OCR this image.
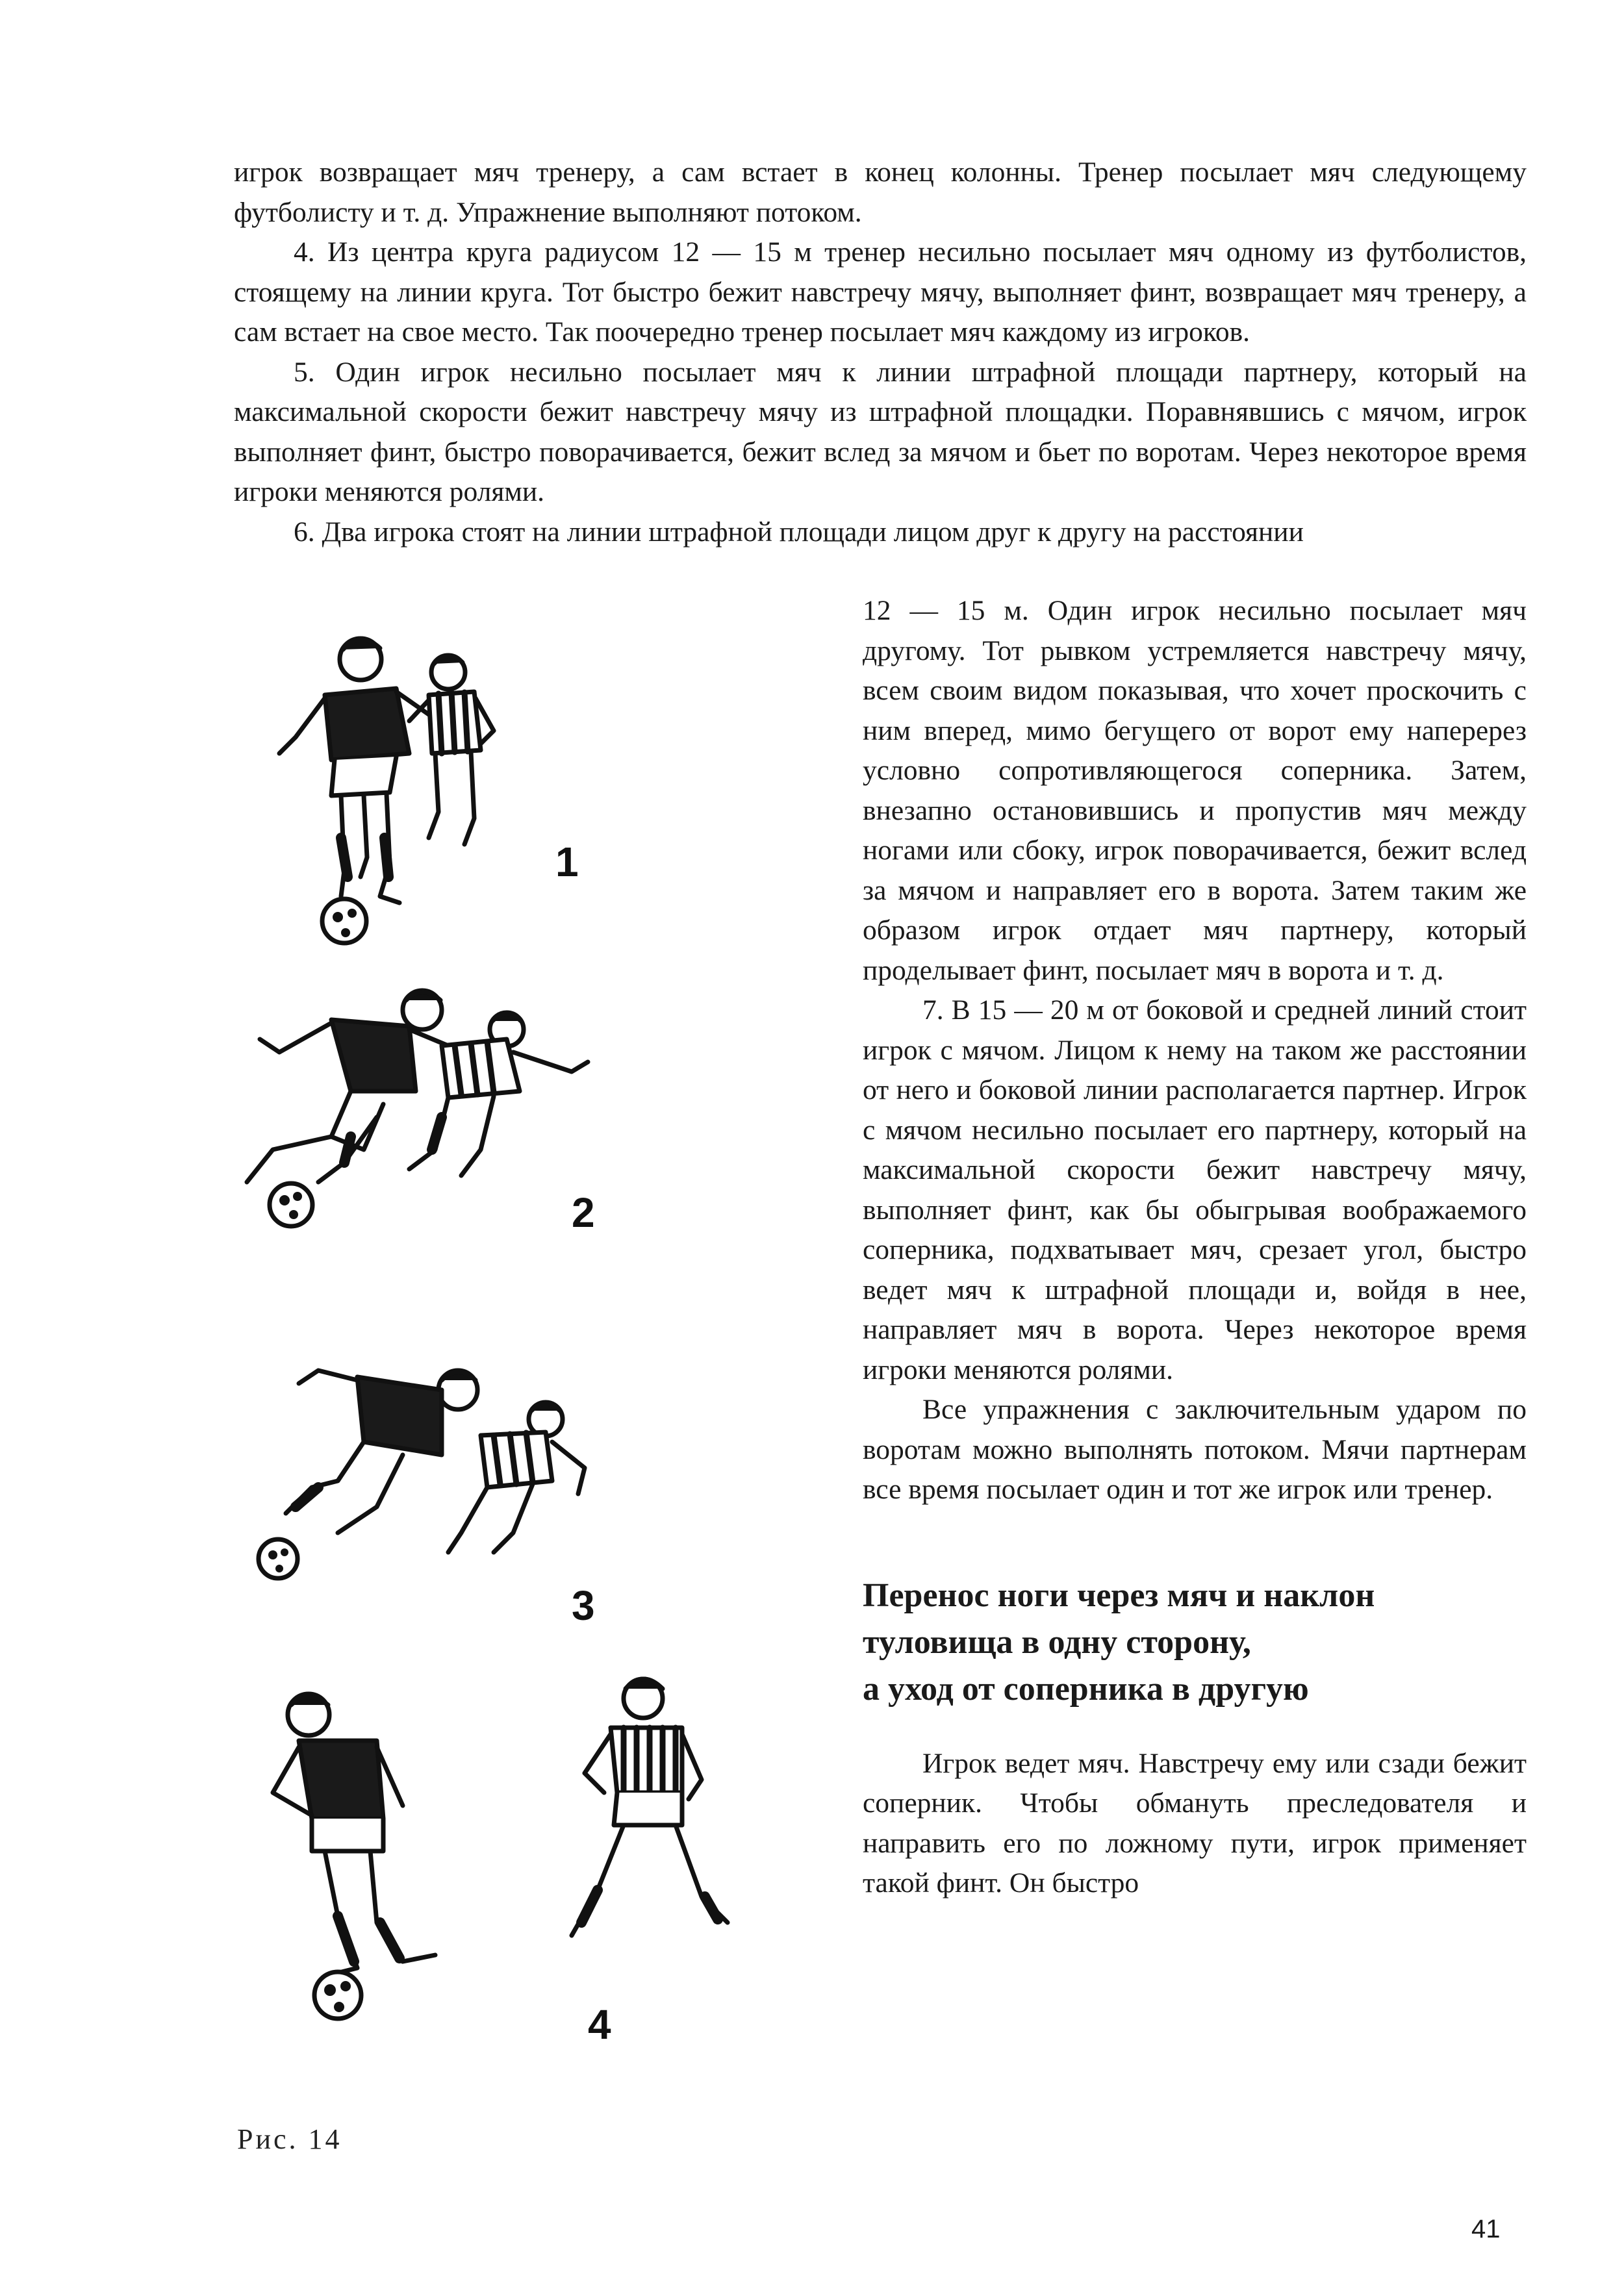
игрок возвращает мяч тренеру, а сам встает в конец колонны. Тренер посылает мяч следующему футболисту и т. д. Упражнение выполняют потоком.

4. Из центра круга радиусом 12 — 15 м тренер несильно посылает мяч одному из футболистов, стоящему на линии круга. Тот быстро бежит навстречу мячу, выполняет финт, возвращает мяч тренеру, а сам встает на свое место. Так поочередно тренер посылает мяч каждому из игроков.

5. Один игрок несильно посылает мяч к линии штрафной площади партнеру, который на максимальной скорости бежит навстречу мячу из штрафной площадки. Поравнявшись с мячом, игрок выполняет финт, быстро поворачивается, бежит вслед за мячом и бьет по воротам. Через некоторое время игроки меняются ролями.

6. Два игрока стоят на линии штрафной площади лицом друг к другу на расстоянии

12 — 15 м. Один игрок несильно посылает мяч другому. Тот рывком устремляется навстречу мячу, всем своим видом показывая, что хочет проскочить с ним вперед, мимо бегущего от ворот ему наперерез условно сопротивляющегося соперника. Затем, внезапно остановившись и пропустив мяч между ногами или сбоку, игрок поворачивается, бежит вслед за мячом и направляет его в ворота. Затем таким же образом игрок отдает мяч партнеру, который проделывает финт, посылает мяч в ворота и т. д.

7. В 15 — 20 м от боковой и средней линий стоит игрок с мячом. Лицом к нему на таком же расстоянии от него и боковой линии располагается партнер. Игрок с мячом несильно посылает его партнеру, который на максимальной скорости бежит навстречу мячу, выполняет финт, как бы обыгрывая воображаемого соперника, подхватывает мяч, срезает угол, быстро ведет мяч к штрафной площади и, войдя в нее, направляет мяч в ворота. Через некоторое время игроки меняются ролями.

Все упражнения с заключительным ударом по воротам можно выполнять потоком. Мячи партнерам все время посылает один и тот же игрок или тренер.

Перенос ноги через мяч и наклон
туловища в одну сторону,
а уход от соперника в другую

Игрок ведет мяч. Навстречу ему или сзади бежит соперник. Чтобы обмануть преследователя и направить его по ложному пути, игрок применяет такой финт. Он быстро

1
2
3
4
Рис. 14
41
